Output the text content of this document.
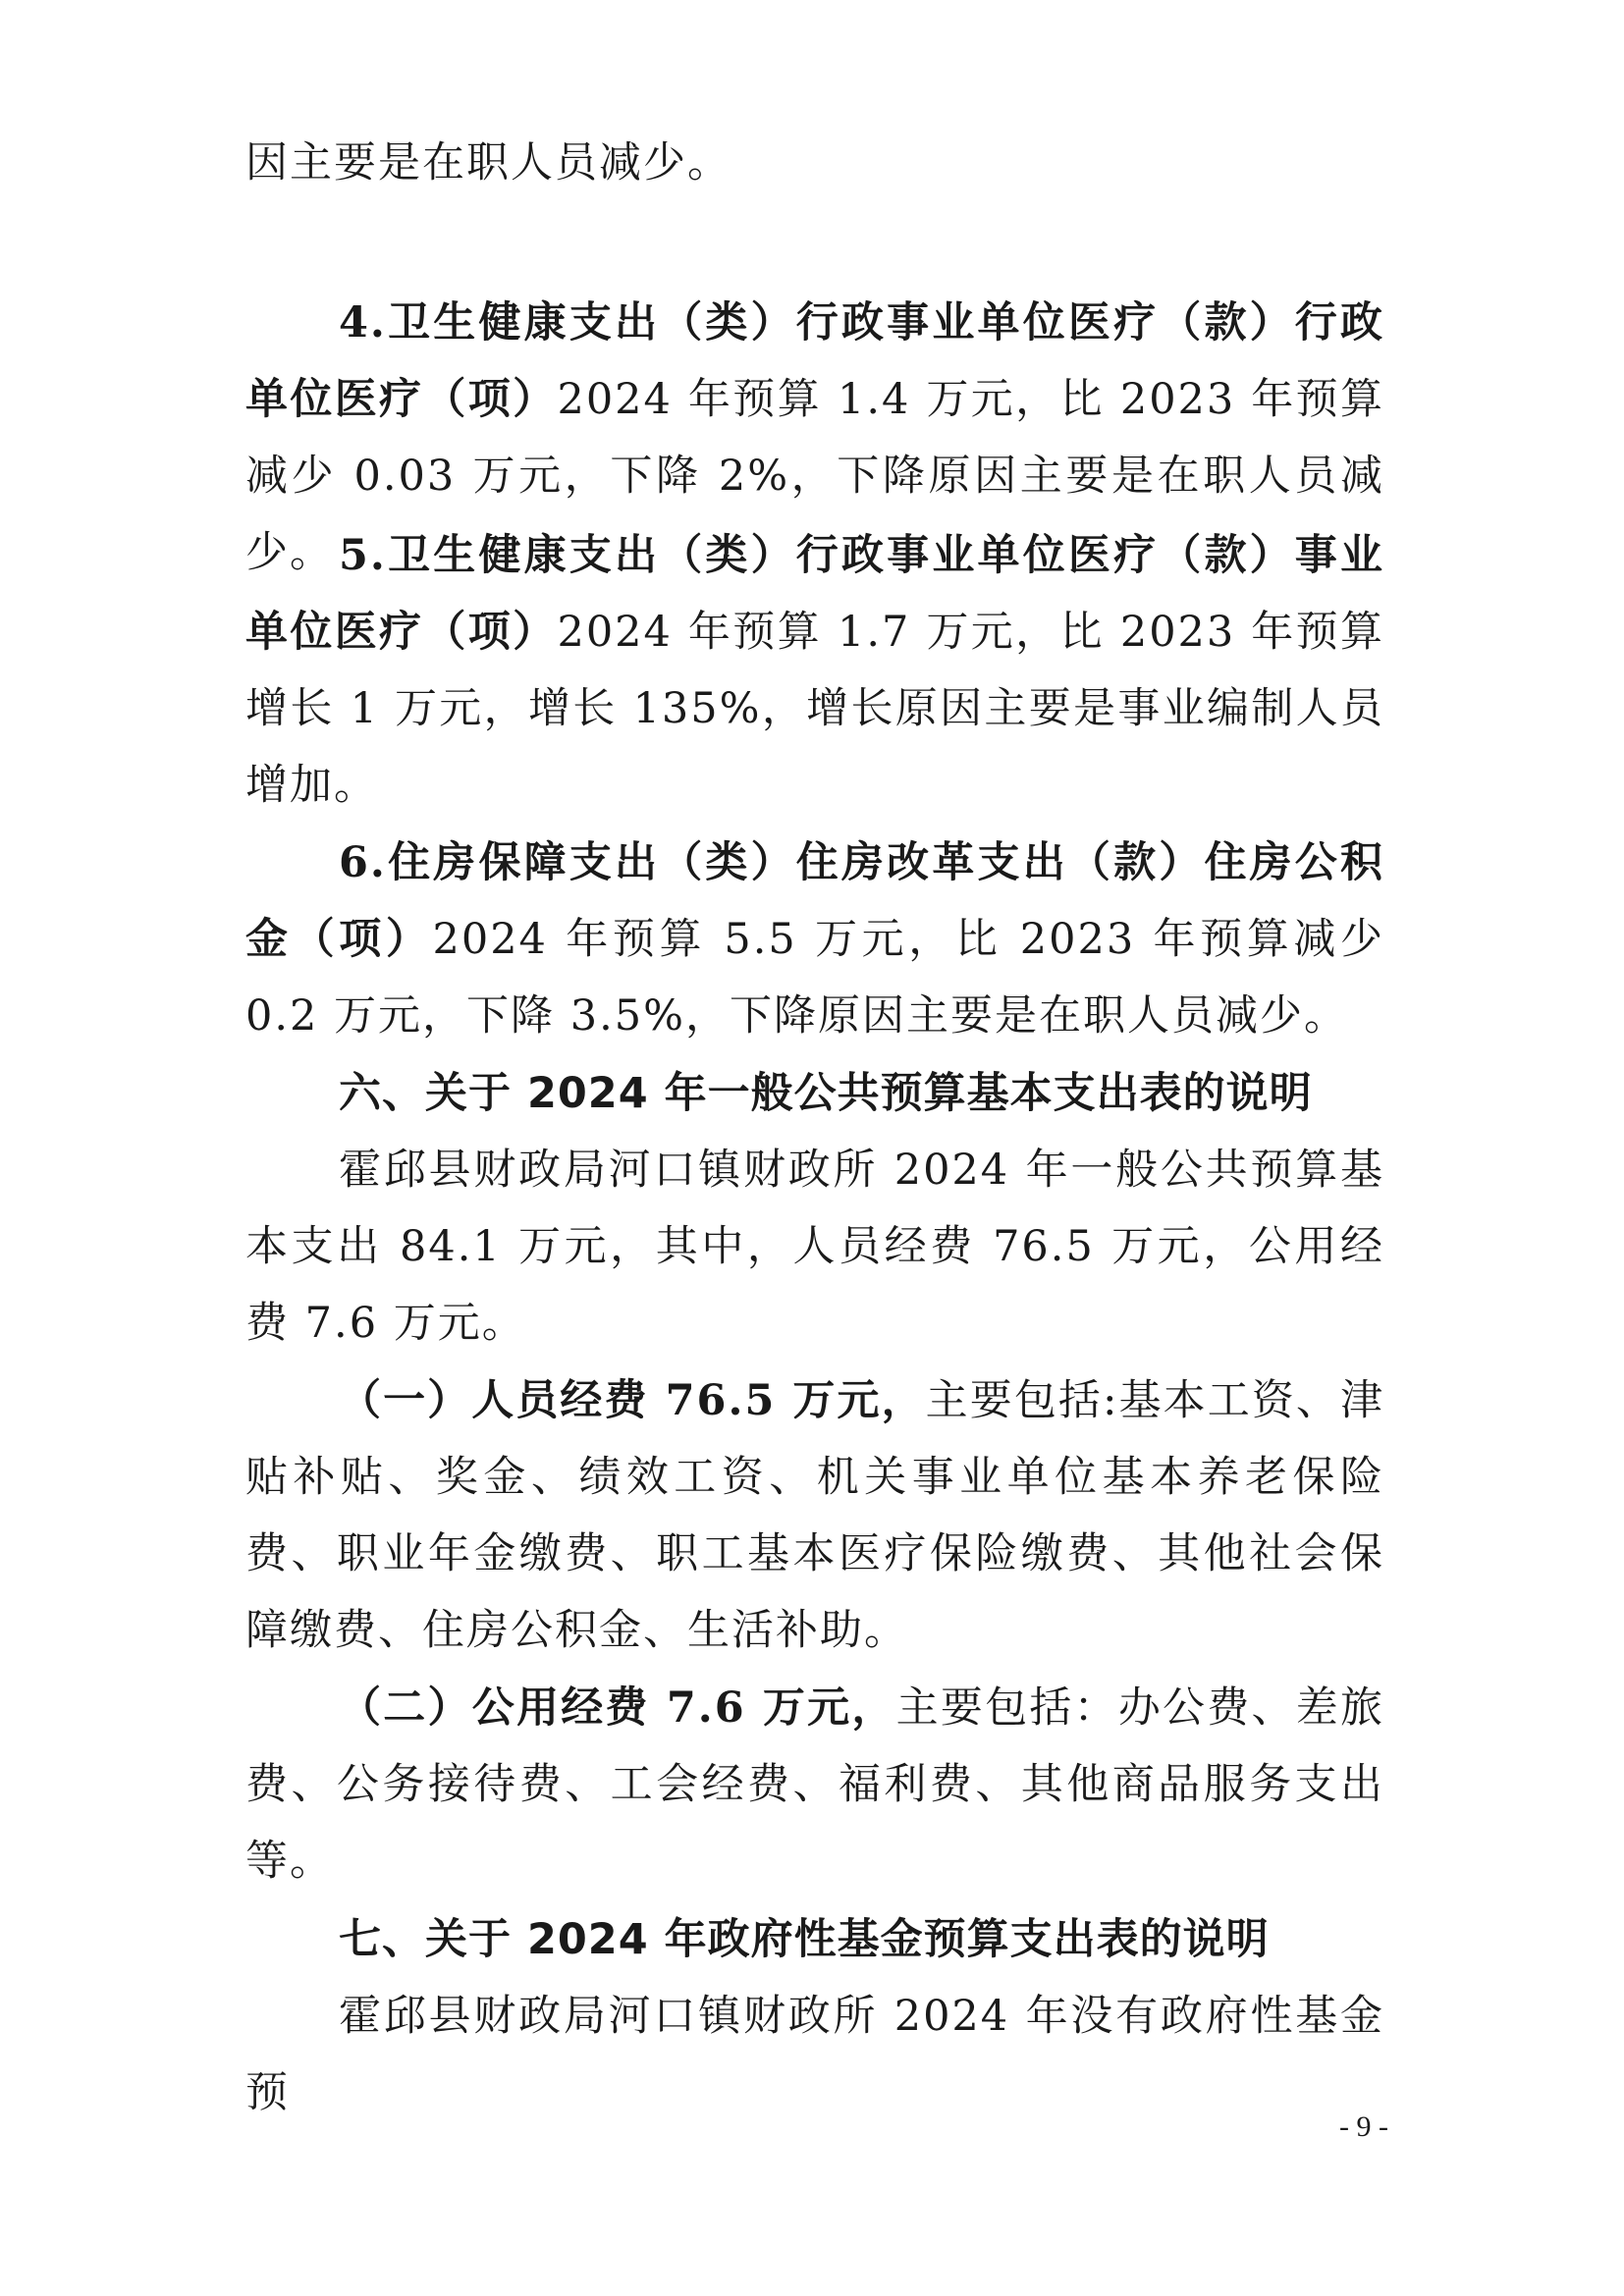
因主要是在职人员减少。

4.卫生健康支出（类）行政事业单位医疗（款）行政单位医疗（项）2024 年预算 1.4 万元，比 2023 年预算减少 0.03 万元，下降 2%，下降原因主要是在职人员减少。 5.卫生健康支出（类）行政事业单位医疗（款）事业单位医疗（项）2024 年预算 1.7 万元，比 2023 年预算增长 1 万元，增长 135%，增长原因主要是事业编制人员增加。

6.住房保障支出（类）住房改革支出（款）住房公积金（项）2024 年预算 5.5 万元，比 2023 年预算减少 0.2 万元，下降 3.5%，下降原因主要是在职人员减少。

六、关于 2024 年一般公共预算基本支出表的说明

霍邱县财政局河口镇财政所 2024 年一般公共预算基本支出 84.1 万元，其中，人员经费 76.5 万元，公用经费 7.6 万元。

（一）人员经费 76.5 万元，主要包括:基本工资、津贴补贴、奖金、绩效工资、机关事业单位基本养老保险费、职业年金缴费、职工基本医疗保险缴费、其他社会保障缴费、住房公积金、生活补助。

（二）公用经费 7.6 万元，主要包括：办公费、差旅费、公务接待费、工会经费、福利费、其他商品服务支出等。

七、关于 2024 年政府性基金预算支出表的说明

霍邱县财政局河口镇财政所 2024 年没有政府性基金预

- 9 -
